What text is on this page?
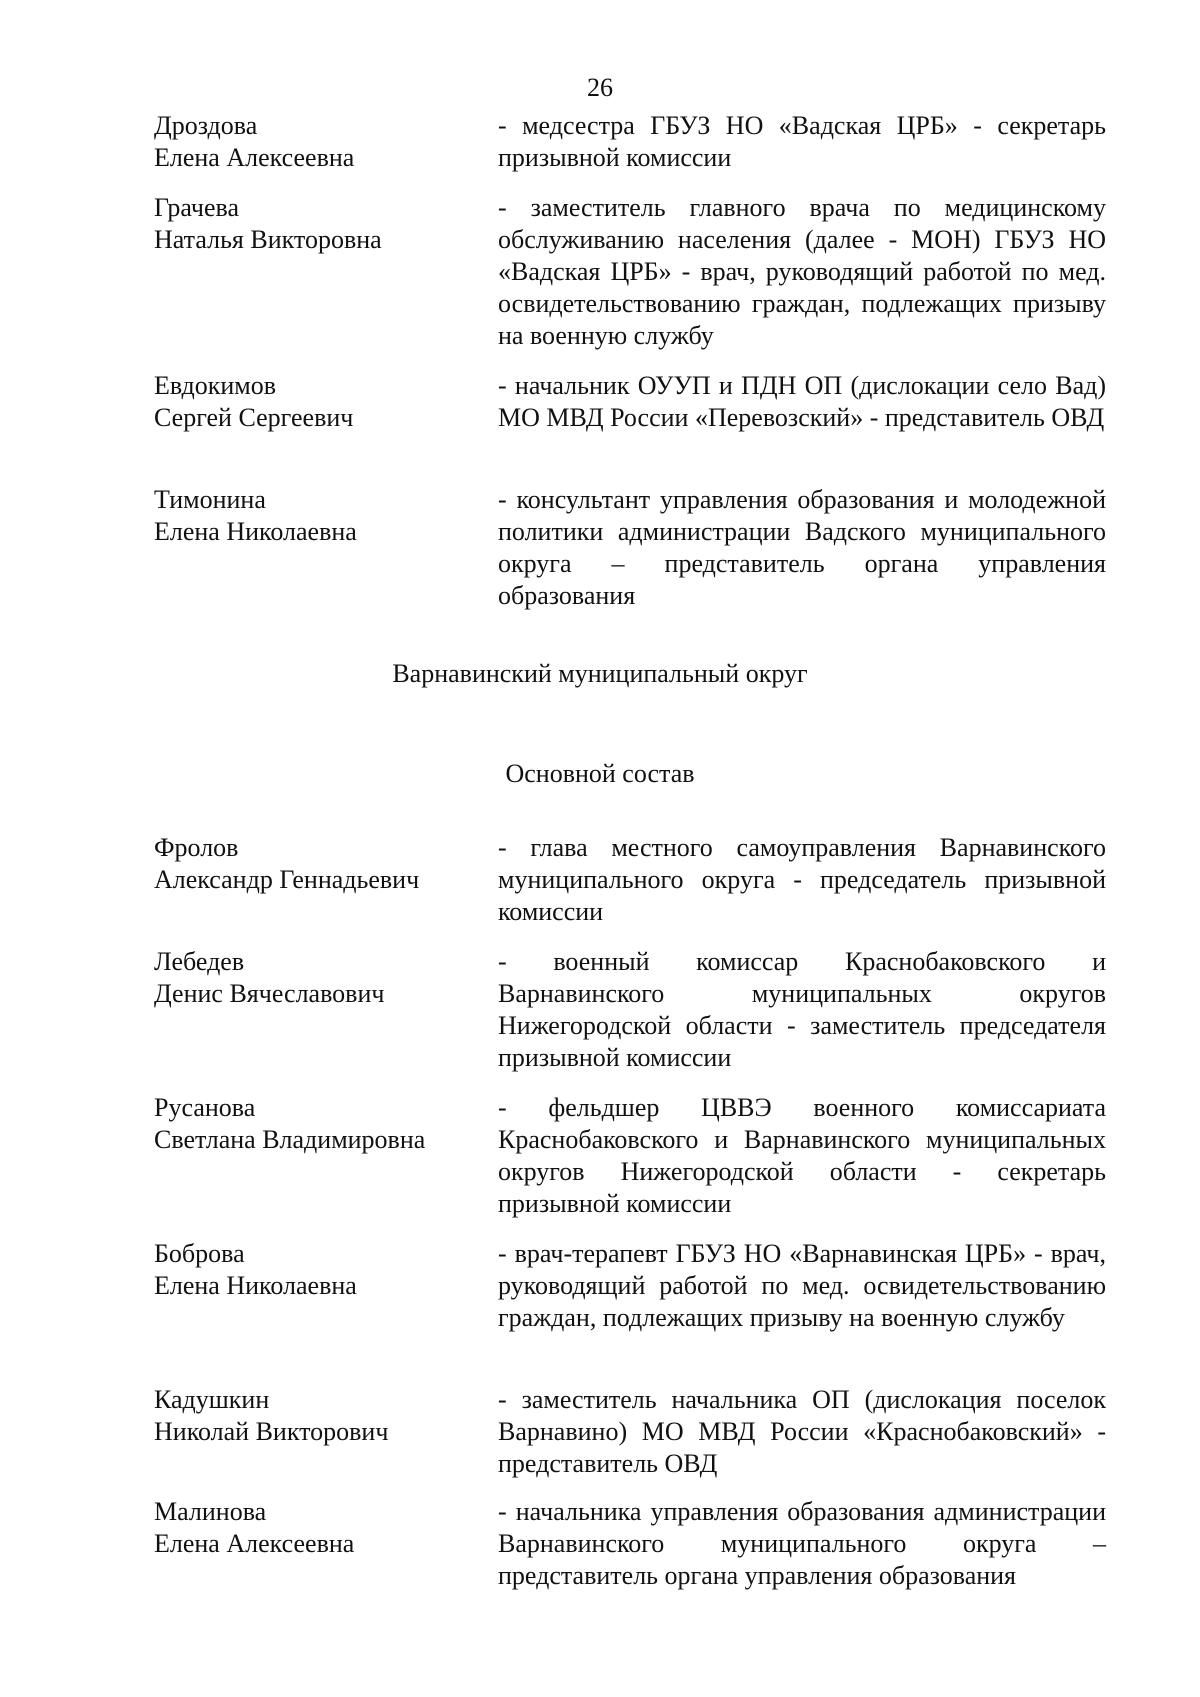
26
Дроздова
Елена Алексеевна
- медсестра ГБУЗ НО «Вадская ЦРБ» - секретарь призывной комиссии
Грачева
Наталья Викторовна
- заместитель главного врача по медицинскому обслуживанию населения (далее - МОН) ГБУЗ НО «Вадская ЦРБ» - врач, руководящий работой по мед. освидетельствованию граждан, подлежащих призыву на военную службу
Евдокимов
Сергей Сергеевич
- начальник ОУУП и ПДН ОП (дислокации село Вад) МО МВД России «Перевозский» - представитель ОВД
Тимонина
Елена Николаевна
- консультант управления образования и молодежной политики администрации Вадского муниципального округа – представитель органа управления образования
Варнавинский муниципальный округ
Основной состав
Фролов
Александр Геннадьевич
- глава местного самоуправления Варнавинского муниципального округа - председатель призывной комиссии
Лебедев
Денис Вячеславович
- военный комиссар Краснобаковского и Варнавинского муниципальных округов Нижегородской области - заместитель председателя призывной комиссии
Русанова
Светлана Владимировна
- фельдшер ЦВВЭ военного комиссариата Краснобаковского и Варнавинского муниципальных округов Нижегородской области - секретарь призывной комиссии
Боброва
Елена Николаевна
- врач-терапевт ГБУЗ НО «Варнавинская ЦРБ» - врач, руководящий работой по мед. освидетельствованию граждан, подлежащих призыву на военную службу
Кадушкин
Николай Викторович
- заместитель начальника ОП (дислокация поселок Варнавино) МО МВД России «Краснобаковский» - представитель ОВД
Малинова
Елена Алексеевна
- начальника управления образования администрации Варнавинского муниципального округа – представитель органа управления образования
